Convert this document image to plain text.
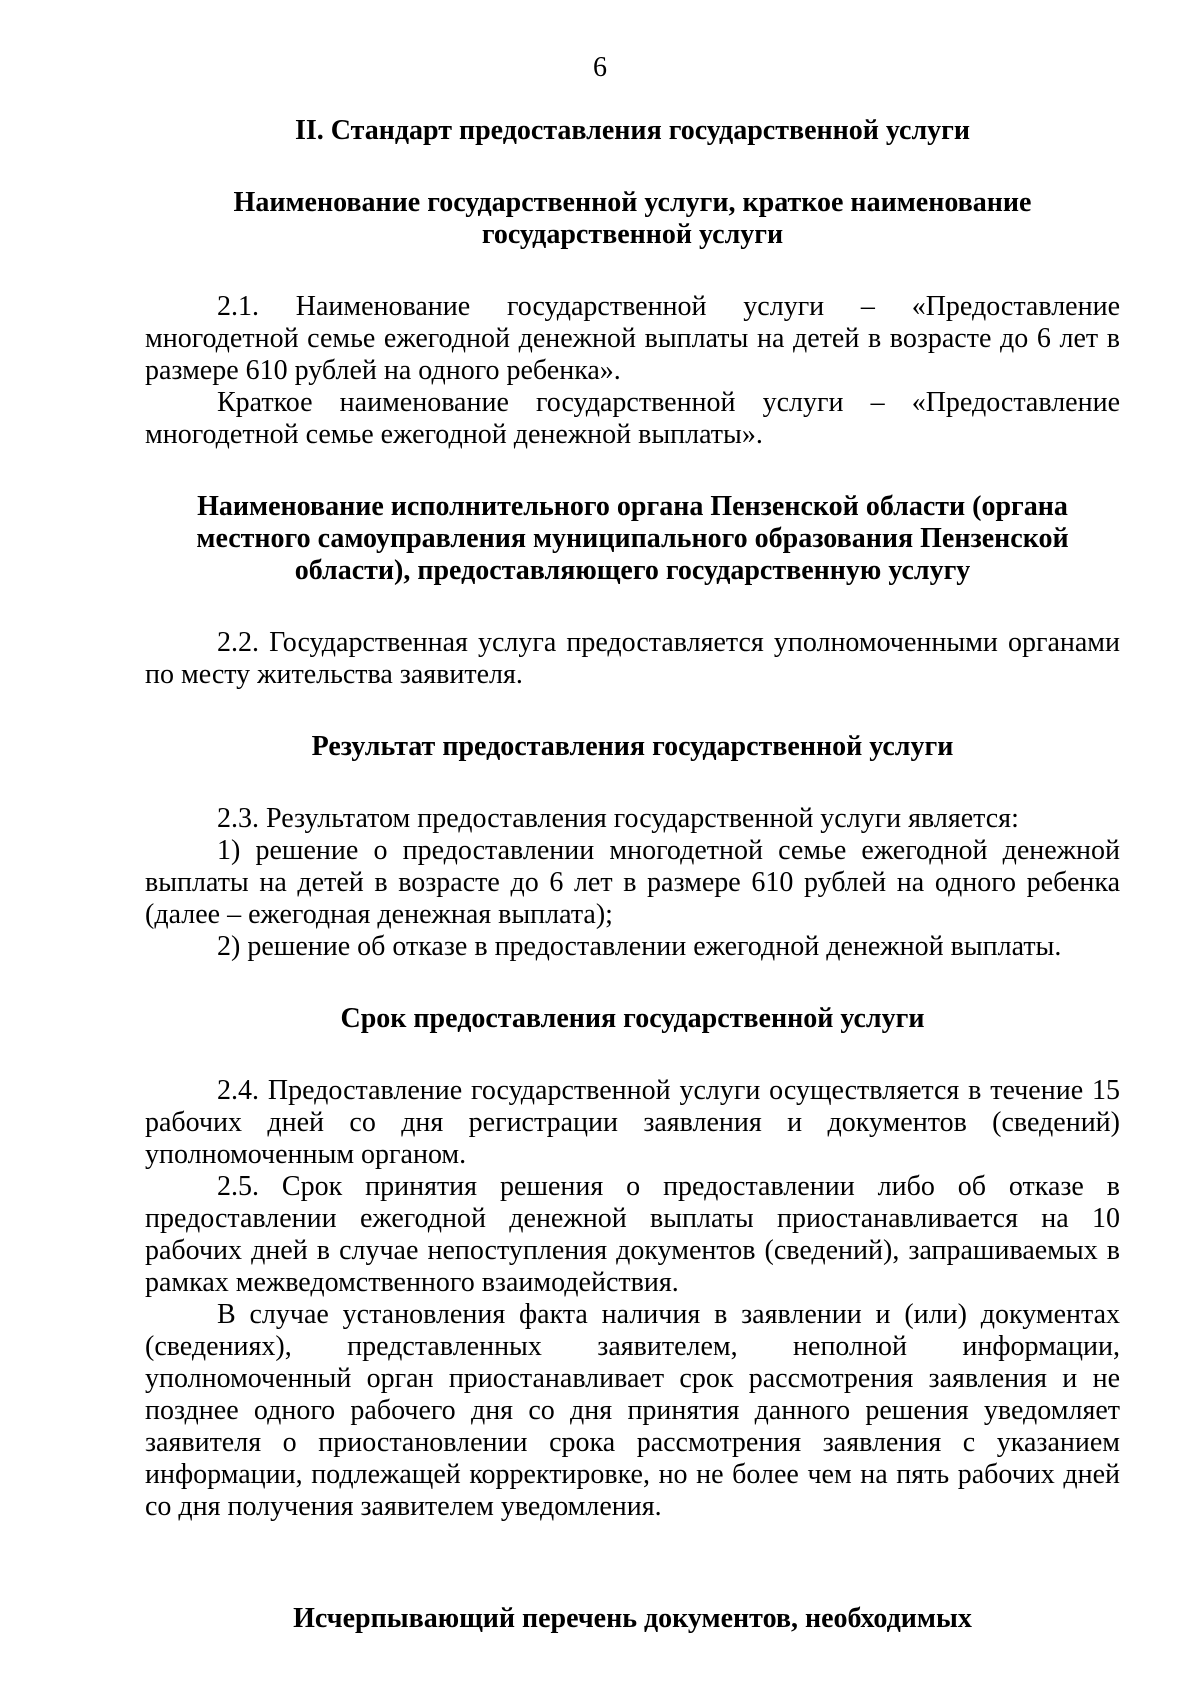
6
II. Стандарт предоставления государственной услуги
Наименование государственной услуги, краткое наименование государственной услуги

2.1. Наименование государственной услуги – «Предоставление многодетной семье ежегодной денежной выплаты на детей в возрасте до 6 лет в размере 610 рублей на одного ребенка».

Краткое наименование государственной услуги – «Предоставление многодетной семье ежегодной денежной выплаты».

Наименование исполнительного органа Пензенской области (органа местного самоуправления муниципального образования Пензенской области), предоставляющего государственную услугу

2.2. Государственная услуга предоставляется уполномоченными органами по месту жительства заявителя.

Результат предоставления государственной услуги

2.3. Результатом предоставления государственной услуги является:

1) решение о предоставлении многодетной семье ежегодной денежной выплаты на детей в возрасте до 6 лет в размере 610 рублей на одного ребенка (далее – ежегодная денежная выплата);

2) решение об отказе в предоставлении ежегодной денежной выплаты.

Срок предоставления государственной услуги

2.4. Предоставление государственной услуги осуществляется в течение 15 рабочих дней со дня регистрации заявления и документов (сведений) уполномоченным органом.

2.5. Срок принятия решения о предоставлении либо об отказе в предоставлении ежегодной денежной выплаты приостанавливается на 10 рабочих дней в случае непоступления документов (сведений), запрашиваемых в рамках межведомственного взаимодействия.

В случае установления факта наличия в заявлении и (или) документах (сведениях), представленных заявителем, неполной информации, уполномоченный орган приостанавливает срок рассмотрения заявления и не позднее одного рабочего дня со дня принятия данного решения уведомляет заявителя о приостановлении срока рассмотрения заявления с указанием информации, подлежащей корректировке, но не более чем на пять рабочих дней со дня получения заявителем уведомления.

Исчерпывающий перечень документов, необходимых
